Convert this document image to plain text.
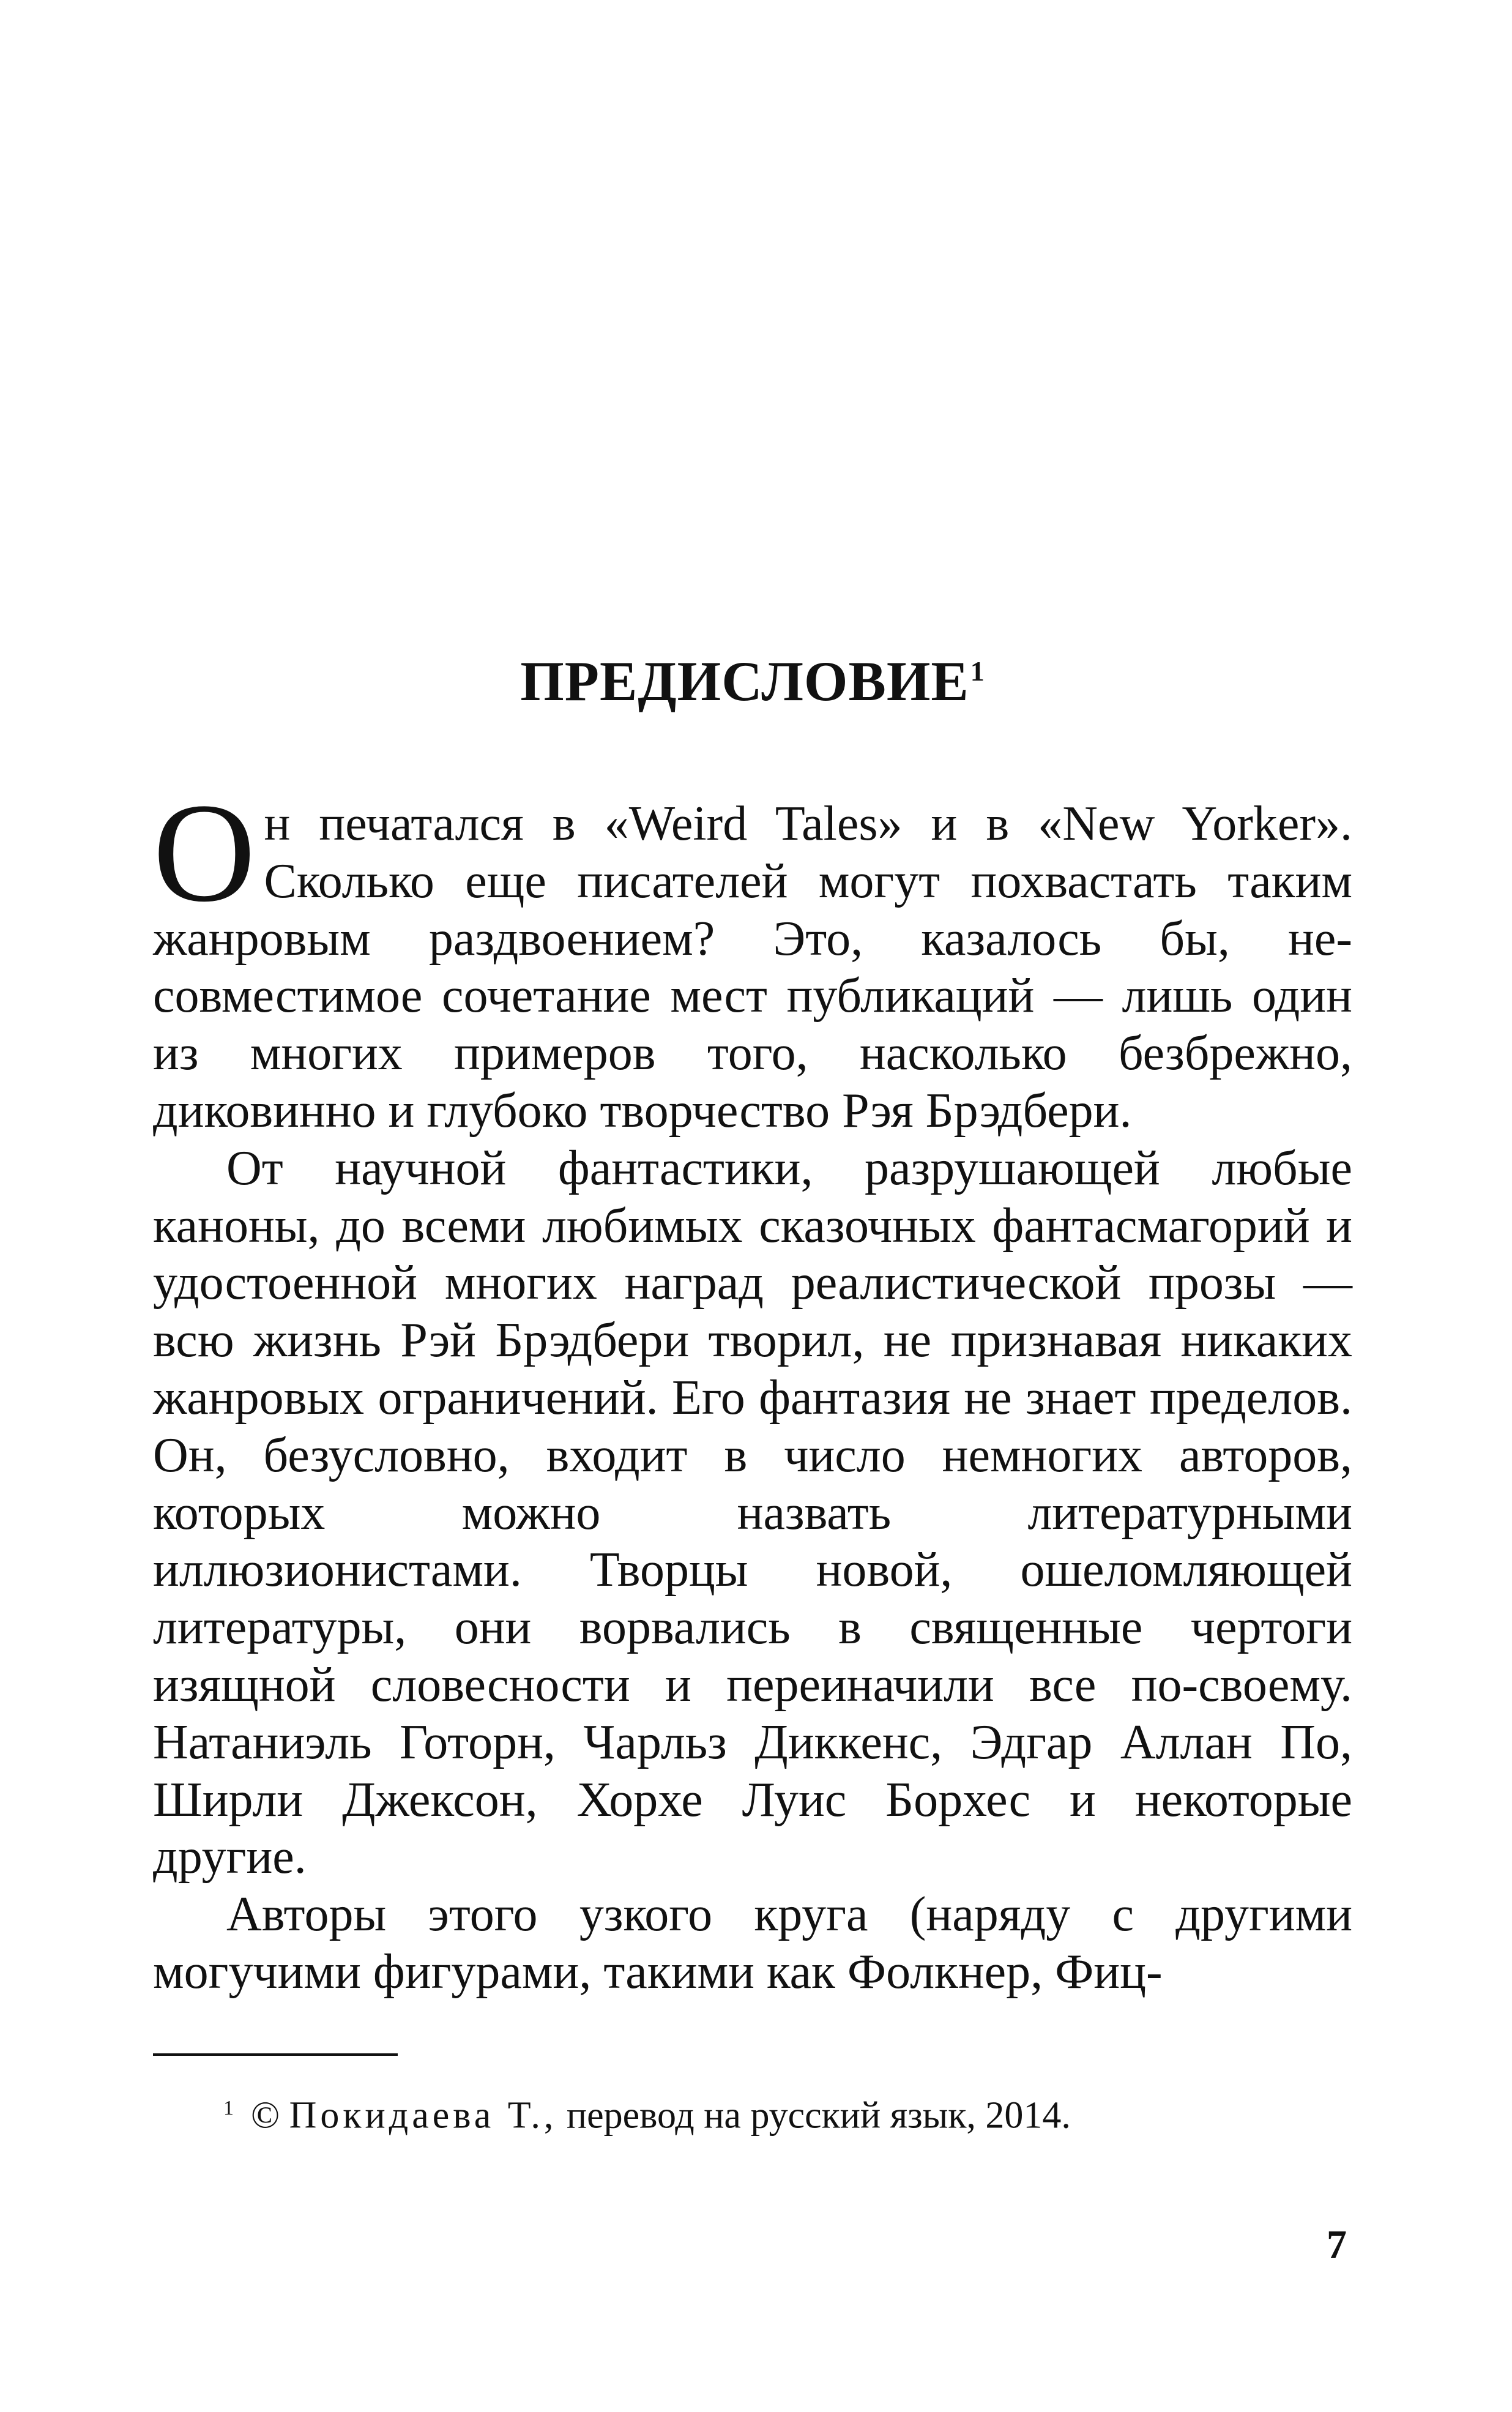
ПРЕДИСЛОВИЕ$^1$

Он печатался в «Weird Tales» и в «New Yorker». Сколько еще писателей могут похвастать таким жанровым раздвоением? Это, казалось бы, несовместимое сочетание мест публикаций — лишь один из многих примеров того, насколько безбрежно, диковинно и глубоко творчество Рэя Брэдбери.

От научной фантастики, разрушающей любые каноны, до всеми любимых сказочных фантасмагорий и удостоенной многих наград реалистической прозы — всю жизнь Рэй Брэдбери творил, не признавая никаких жанровых ограничений. Его фантазия не знает пределов. Он, безусловно, входит в число немногих авторов, которых можно назвать литературными иллюзионистами. Творцы новой, ошеломляющей литературы, они ворвались в священные чертоги изящной словесности и переиначили все по-своему. Натаниэль Готорн, Чарльз Диккенс, Эдгар Аллан По, Ширли Джексон, Хорхе Луис Борхес и некоторые другие.

Авторы этого узкого круга (наряду с другими могучими фигурами, такими как Фолкнер, Фиц-

$^1$ © Покидаева Т., перевод на русский язык, 2014.
7
